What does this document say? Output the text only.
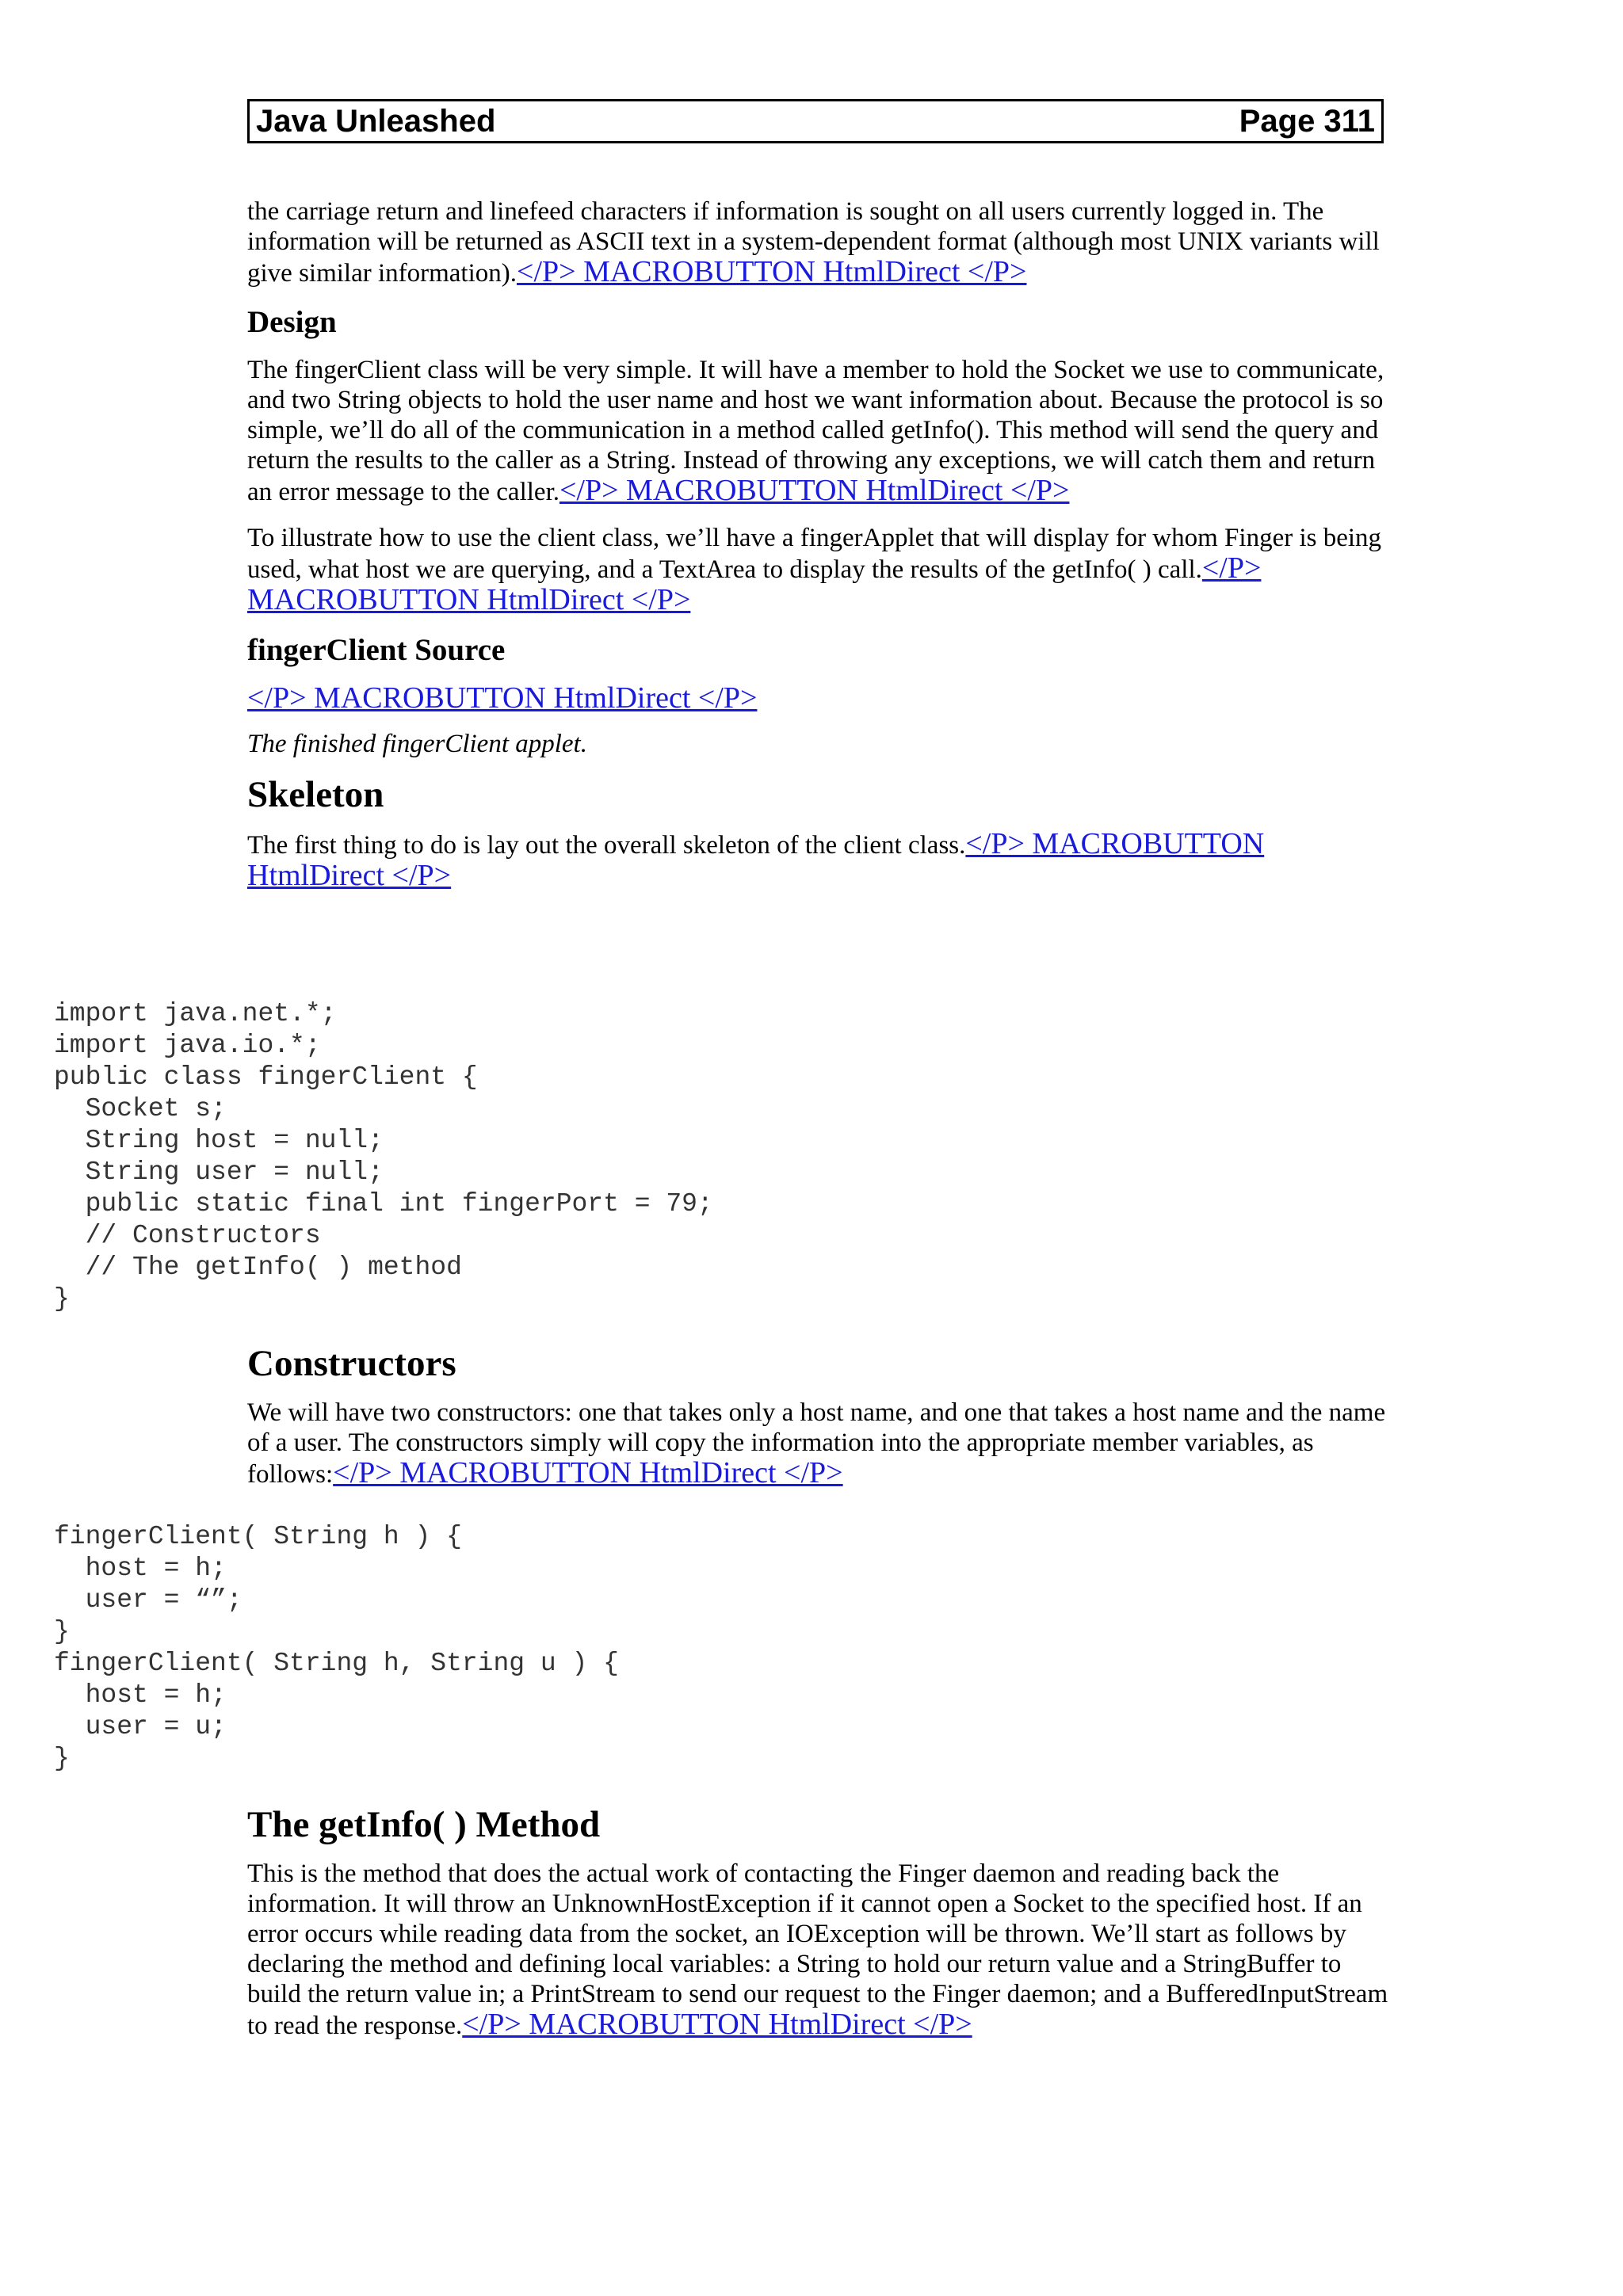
Java Unleashed	Page 311

the carriage return and linefeed characters if information is sought on all users currently logged in. The information will be returned as ASCII text in a system-dependent format (although most UNIX variants will give similar information).</P> MACROBUTTON HtmlDirect </P>

Design

The fingerClient class will be very simple. It will have a member to hold the Socket we use to communicate, and two String objects to hold the user name and host we want information about. Because the protocol is so simple, we’ll do all of the communication in a method called getInfo(). This method will send the query and return the results to the caller as a String. Instead of throwing any exceptions, we will catch them and return an error message to the caller.</P> MACROBUTTON HtmlDirect </P>

To illustrate how to use the client class, we’ll have a fingerApplet that will display for whom Finger is being used, what host we are querying, and a TextArea to display the results of the getInfo( ) call.</P> MACROBUTTON HtmlDirect </P>

fingerClient Source

</P> MACROBUTTON HtmlDirect </P>

The finished fingerClient applet.

Skeleton

The first thing to do is lay out the overall skeleton of the client class.</P> MACROBUTTON HtmlDirect </P>

import java.net.*;
import java.io.*;
public class fingerClient {
Socket s;
String host = null;
String user = null;
public static final int fingerPort = 79;
// Constructors
// The getInfo( ) method
}
Constructors

We will have two constructors: one that takes only a host name, and one that takes a host name and the name of a user. The constructors simply will copy the information into the appropriate member variables, as follows:</P> MACROBUTTON HtmlDirect </P>

fingerClient( String h ) {
host = h;
user = “”;
}
fingerClient( String h, String u ) {
host = h;
user = u;
}
The getInfo( ) Method

This is the method that does the actual work of contacting the Finger daemon and reading back the information. It will throw an UnknownHostException if it cannot open a Socket to the specified host. If an error occurs while reading data from the socket, an IOException will be thrown. We’ll start as follows by declaring the method and defining local variables: a String to hold our return value and a StringBuffer to build the return value in; a PrintStream to send our request to the Finger daemon; and a BufferedInputStream to read the response.</P> MACROBUTTON HtmlDirect </P>
